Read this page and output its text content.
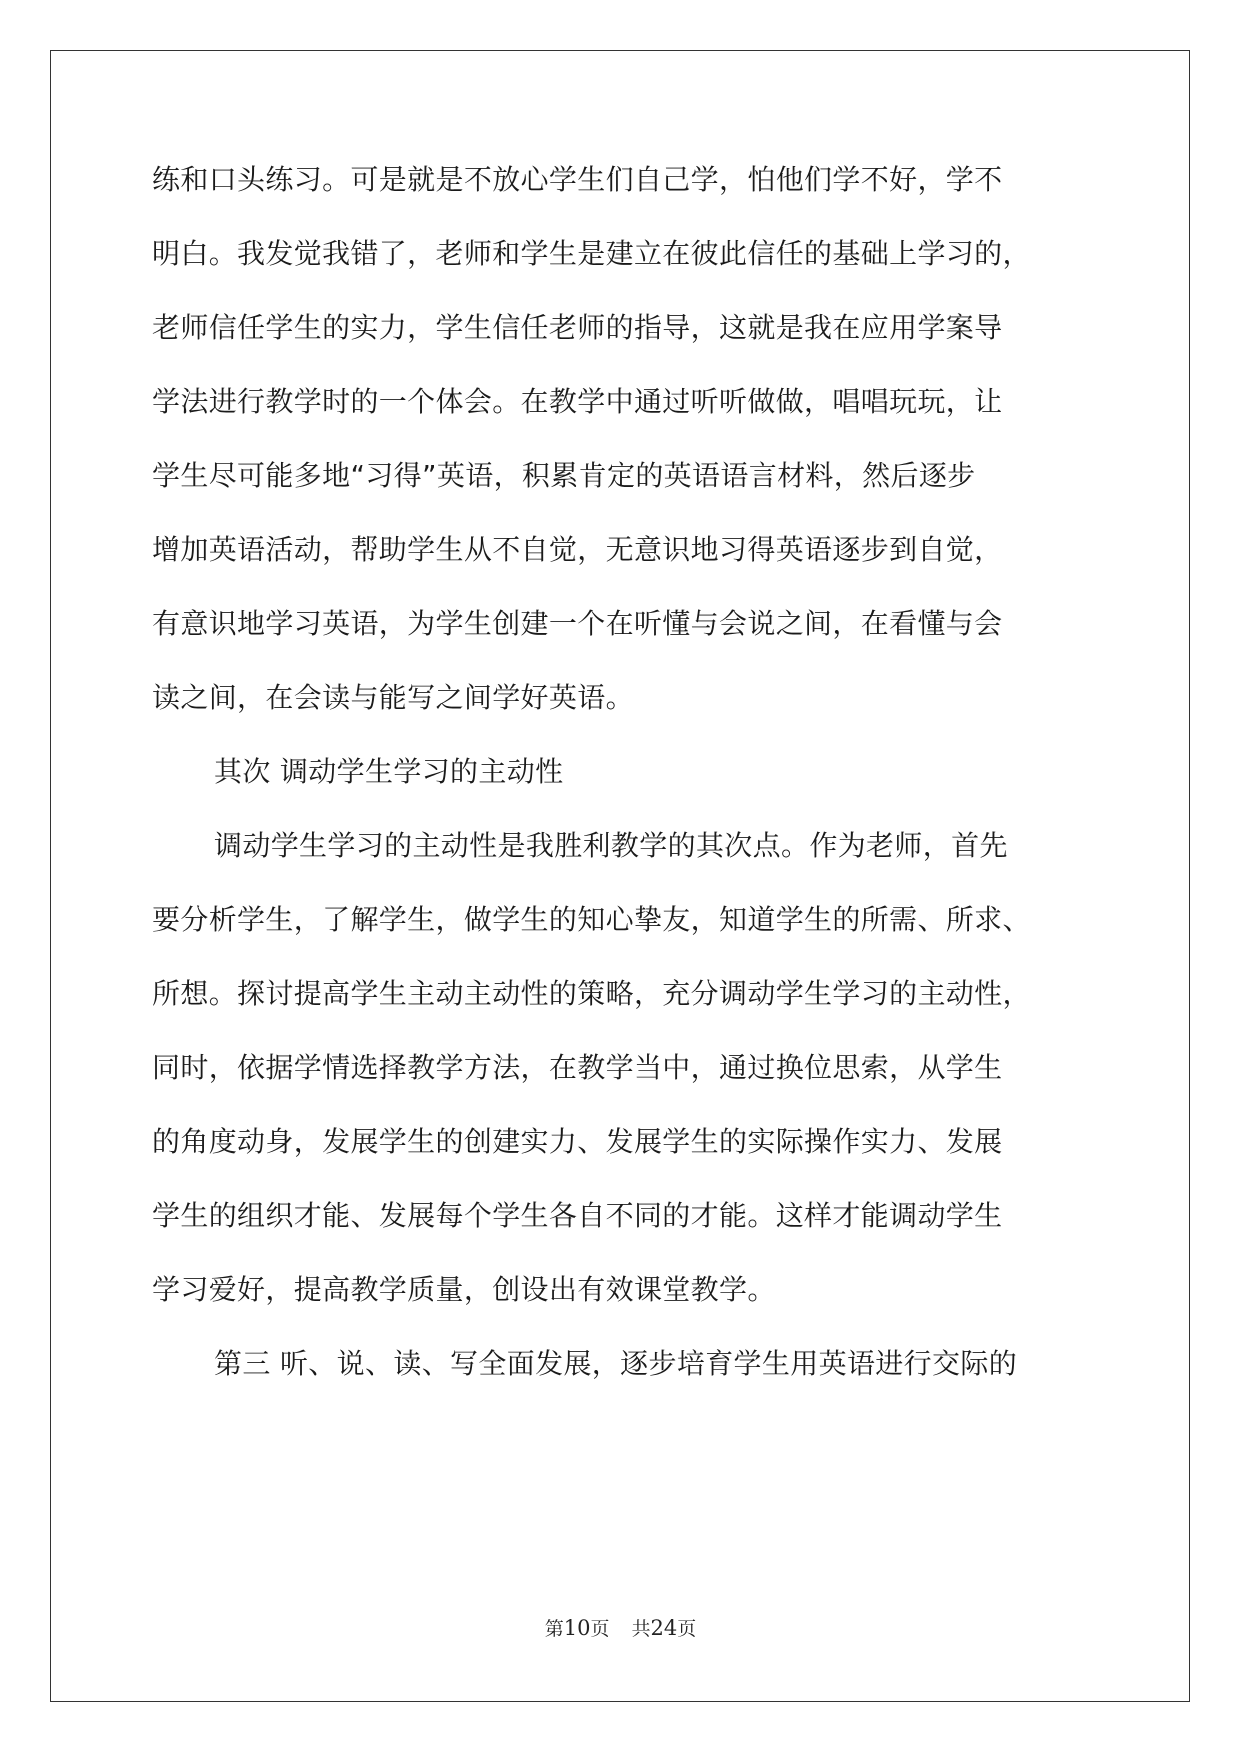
练和口头练习。可是就是不放心学生们自己学，怕他们学不好，学不
明白。我发觉我错了，老师和学生是建立在彼此信任的基础上学习的，
老师信任学生的实力，学生信任老师的指导，这就是我在应用学案导
学法进行教学时的一个体会。在教学中通过听听做做，唱唱玩玩，让
学生尽可能多地“习得”英语，积累肯定的英语语言材料，然后逐步
增加英语活动，帮助学生从不自觉，无意识地习得英语逐步到自觉，
有意识地学习英语，为学生创建一个在听懂与会说之间，在看懂与会
读之间，在会读与能写之间学好英语。
其次 调动学生学习的主动性
调动学生学习的主动性是我胜利教学的其次点。作为老师，首先
要分析学生，了解学生，做学生的知心挚友，知道学生的所需、所求、
所想。探讨提高学生主动主动性的策略，充分调动学生学习的主动性，
同时，依据学情选择教学方法，在教学当中，通过换位思索，从学生
的角度动身，发展学生的创建实力、发展学生的实际操作实力、发展
学生的组织才能、发展每个学生各自不同的才能。这样才能调动学生
学习爱好，提高教学质量，创设出有效课堂教学。
第三 听、说、读、写全面发展，逐步培育学生用英语进行交际的
第10页 共24页
